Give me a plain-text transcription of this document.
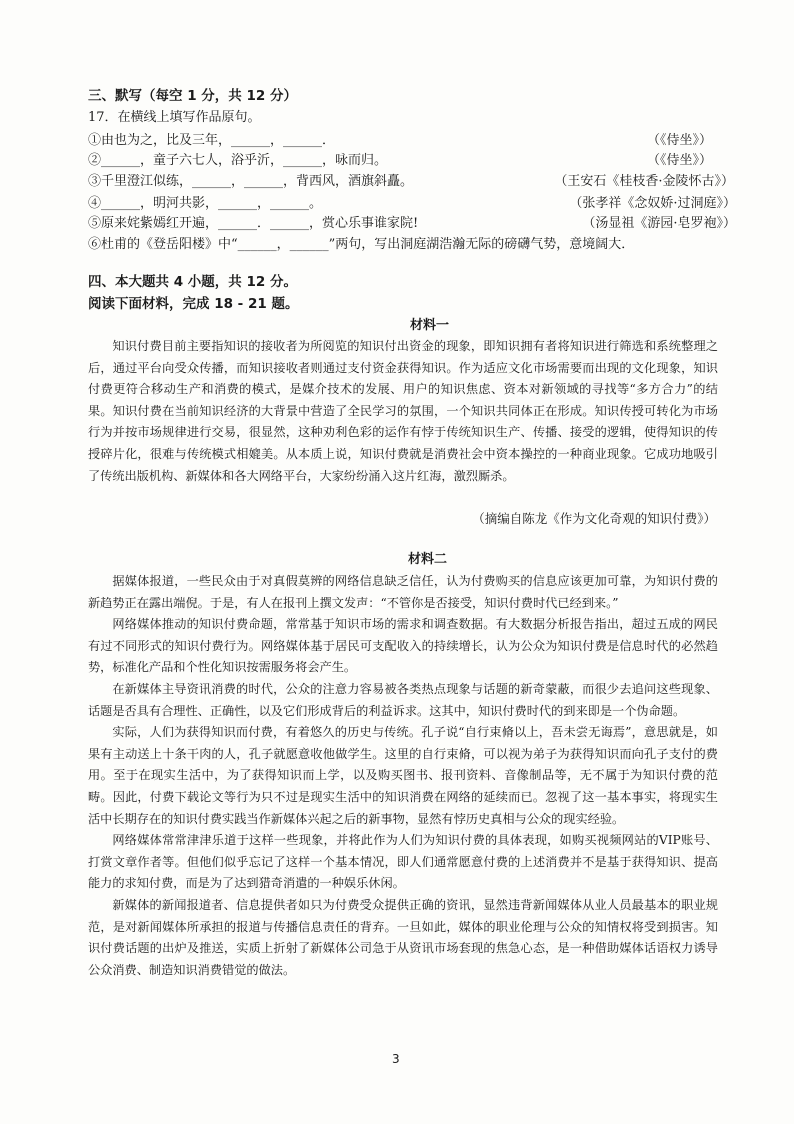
三、默写（每空 1 分，共 12 分）
17．在横线上填写作品原句。
①由也为之，比及三年，______，______．	（《侍坐》）
②______，童子六七人，浴乎沂，______，咏而归。	（《侍坐》）
③千里澄江似练，______，______，背西风，酒旗斜矗。	（王安石《桂枝香·金陵怀古》）
④______，明河共影，______，______。	（张孝祥《念奴娇·过洞庭》）
⑤原来姹紫嫣红开遍，______．______，赏心乐事谁家院!	（汤显祖《游园·皂罗袍》）
⑥杜甫的《登岳阳楼》中“______，______”两句，写出洞庭湖浩瀚无际的磅礴气势，意境阔大．
四、本大题共 4 小题，共 12 分。
阅读下面材料，完成 18 - 21 题。
材料一

知识付费目前主要指知识的接收者为所阅览的知识付出资金的现象，即知识拥有者将知识进行筛选和系统整理之后，通过平台向受众传播，而知识接收者则通过支付资金获得知识。作为适应文化市场需要而出现的文化现象，知识付费更符合移动生产和消费的模式，是媒介技术的发展、用户的知识焦虑、资本对新领域的寻找等“多方合力”的结果。知识付费在当前知识经济的大背景中营造了全民学习的氛围，一个知识共同体正在形成。知识传授可转化为市场行为并按市场规律进行交易，很显然，这种劝利色彩的运作有悖于传统知识生产、传播、接受的逻辑，使得知识的传授碎片化，很难与传统模式相媲美。从本质上说，知识付费就是消费社会中资本操控的一种商业现象。它成功地吸引了传统出版机构、新媒体和各大网络平台，大家纷纷涌入这片红海，激烈厮杀。

（摘编自陈龙《作为文化奇观的知识付费》）
材料二

据媒体报道，一些民众由于对真假莫辨的网络信息缺乏信任，认为付费购买的信息应该更加可靠，为知识付费的新趋势正在露出端倪。于是，有人在报刊上撰文发声：“不管你是否接受，知识付费时代已经到来。”

网络媒体推动的知识付费命题，常常基于知识市场的需求和调查数据。有大数据分析报告指出，超过五成的网民有过不同形式的知识付费行为。网络媒体基于居民可支配收入的持续增长，认为公众为知识付费是信息时代的必然趋势，标准化产品和个性化知识按需服务将会产生。

在新媒体主导资讯消费的时代，公众的注意力容易被各类热点现象与话题的新奇蒙蔽，而很少去追问这些现象、话题是否具有合理性、正确性，以及它们形成背后的利益诉求。这其中，知识付费时代的到来即是一个伪命题。

实际，人们为获得知识而付费，有着悠久的历史与传统。孔子说“自行束脩以上，吾未尝无诲焉”，意思就是，如果有主动送上十条干肉的人，孔子就愿意收他做学生。这里的自行束脩，可以视为弟子为获得知识而向孔子支付的费用。至于在现实生活中，为了获得知识而上学，以及购买图书、报刊资料、音像制品等，无不属于为知识付费的范畴。因此，付费下载论文等行为只不过是现实生活中的知识消费在网络的延续而已。忽视了这一基本事实，将现实生活中长期存在的知识付费实践当作新媒体兴起之后的新事物，显然有悖历史真相与公众的现实经验。

网络媒体常常津津乐道于这样一些现象，并将此作为人们为知识付费的具体表现，如购买视频网站的VIP账号、打赏文章作者等。但他们似乎忘记了这样一个基本情况，即人们通常愿意付费的上述消费并不是基于获得知识、提高能力的求知付费，而是为了达到猎奇消遣的一种娱乐休闲。

新媒体的新闻报道者、信息提供者如只为付费受众提供正确的资讯，显然违背新闻媒体从业人员最基本的职业规范，是对新闻媒体所承担的报道与传播信息责任的背弃。一旦如此，媒体的职业伦理与公众的知情权将受到损害。知识付费话题的出炉及推送，实质上折射了新媒体公司急于从资讯市场套现的焦急心态，是一种借助媒体话语权力诱导公众消费、制造知识消费错觉的做法。

3
